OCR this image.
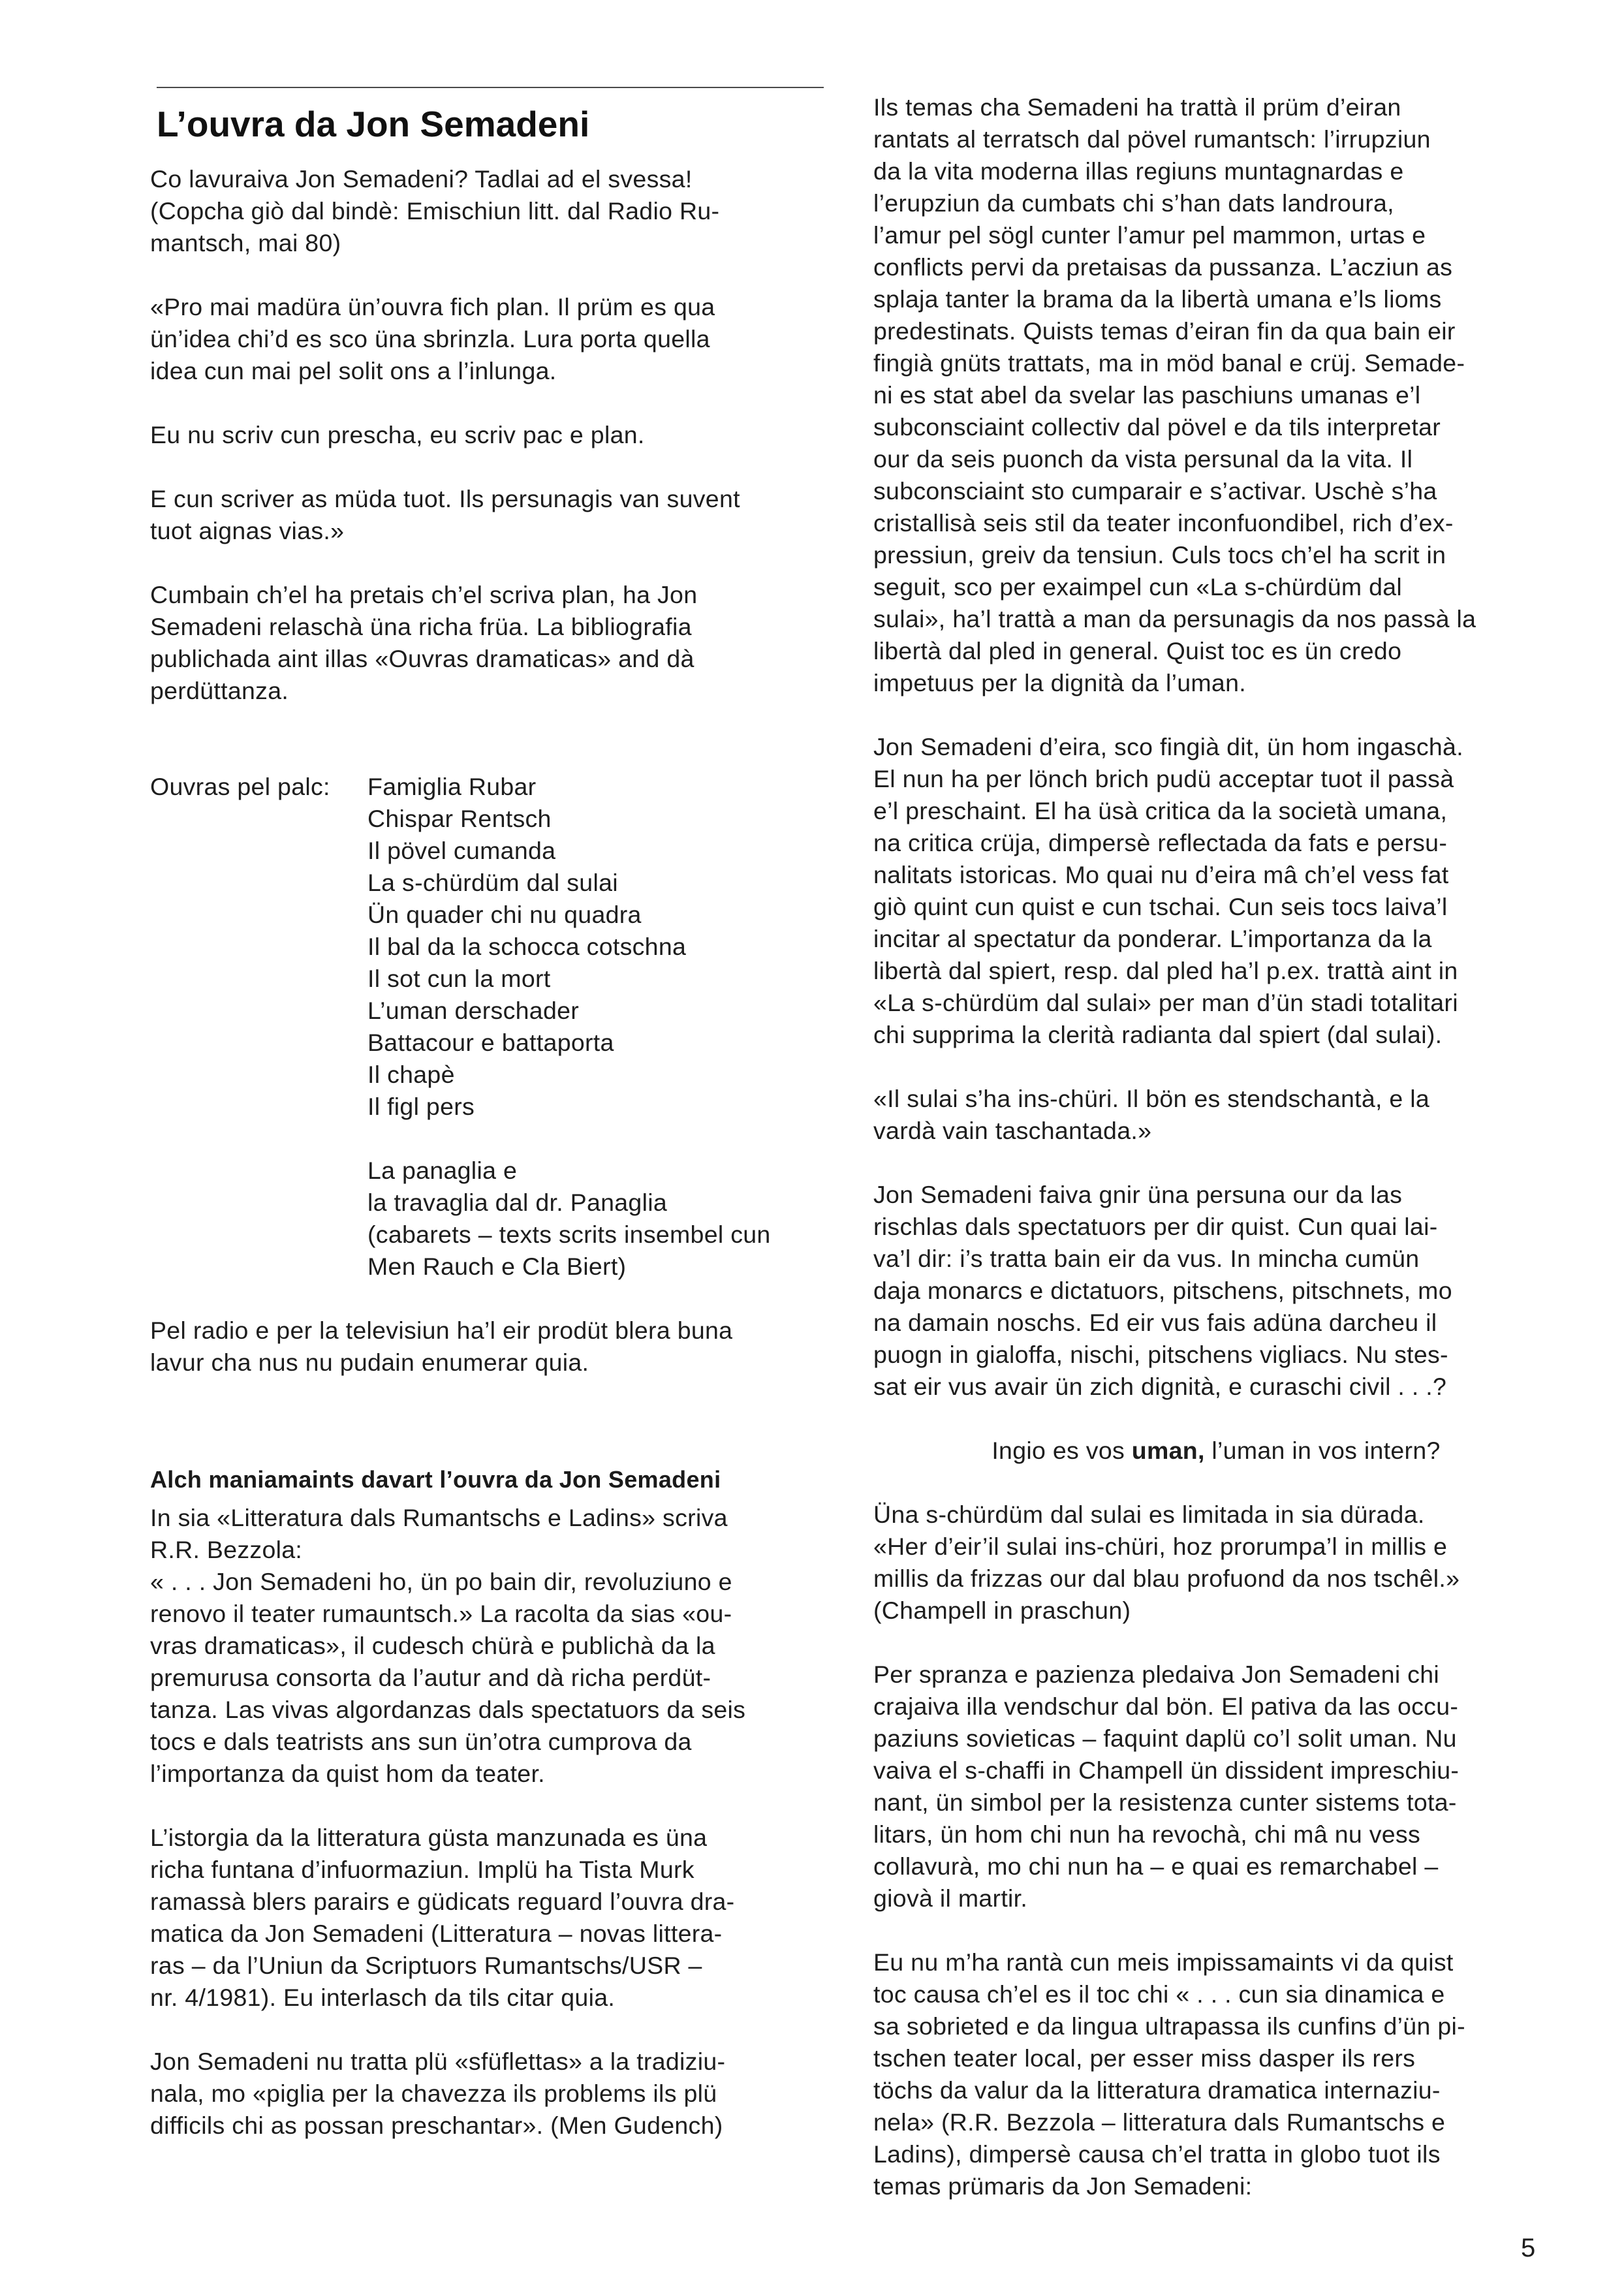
L’ouvra da Jon Semadeni

Co lavuraiva Jon Semadeni? Tadlai ad el svessa!
(Copcha giò dal bindè: Emischiun litt. dal Radio Ru-
mantsch, mai 80)

«Pro mai madüra ün’ouvra fich plan. Il prüm es qua
ün’idea chi’d es sco üna sbrinzla. Lura porta quella
idea cun mai pel solit ons a l’inlunga.

Eu nu scriv cun prescha, eu scriv pac e plan.

E cun scriver as müda tuot. Ils persunagis van suvent
tuot aignas vias.»

Cumbain ch’el ha pretais ch’el scriva plan, ha Jon
Semadeni relaschà üna richa früa. La bibliografia
publichada aint illas «Ouvras dramaticas» and dà
perdüttanza.

Ouvras pel palc: Famiglia Rubar
Chispar Rentsch
Il pövel cumanda
La s-chürdüm dal sulai
Ün quader chi nu quadra
Il bal da la schocca cotschna
Il sot cun la mort
L’uman derschader
Battacour e battaporta
Il chapè
Il figl pers
La panaglia e
la travaglia dal dr. Panaglia
(cabarets – texts scrits insembel cun
Men Rauch e Cla Biert)

Pel radio e per la televisiun ha’l eir prodüt blera buna
lavur cha nus nu pudain enumerar quia.

Alch maniamaints davart l’ouvra da Jon Semadeni

In sia «Litteratura dals Rumantschs e Ladins» scriva
R.R. Bezzola:
« . . . Jon Semadeni ho, ün po bain dir, revoluziuno e
renovo il teater rumauntsch.» La racolta da sias «ou-
vras dramaticas», il cudesch chürà e publichà da la
premurusa consorta da l’autur and dà richa perdüt-
tanza. Las vivas algordanzas dals spectatuors da seis
tocs e dals teatrists ans sun ün’otra cumprova da
l’importanza da quist hom da teater.

L’istorgia da la litteratura güsta manzunada es üna
richa funtana d’infuormaziun. Implü ha Tista Murk
ramassà blers parairs e güdicats reguard l’ouvra dra-
matica da Jon Semadeni (Litteratura – novas littera-
ras – da l’Uniun da Scriptuors Rumantschs/USR –
nr. 4/1981). Eu interlasch da tils citar quia.

Jon Semadeni nu tratta plü «sfüflettas» a la tradiziu-
nala, mo «piglia per la chavezza ils problems ils plü
difficils chi as possan preschantar». (Men Gudench)

Ils temas cha Semadeni ha trattà il prüm d’eiran
rantats al terratsch dal pövel rumantsch: l’irrupziun
da la vita moderna illas regiuns muntagnardas e
l’erupziun da cumbats chi s’han dats landroura,
l’amur pel sögl cunter l’amur pel mammon, urtas e
conflicts pervi da pretaisas da pussanza. L’acziun as
splaja tanter la brama da la libertà umana e’ls lioms
predestinats. Quists temas d’eiran fin da qua bain eir
fingià gnüts trattats, ma in möd banal e crüj. Semade-
ni es stat abel da svelar las paschiuns umanas e’l
subconsciaint collectiv dal pövel e da tils interpretar
our da seis puonch da vista persunal da la vita. Il
subconsciaint sto cumparair e s’activar. Uschè s’ha
cristallisà seis stil da teater inconfuondibel, rich d’ex-
pressiun, greiv da tensiun. Culs tocs ch’el ha scrit in
seguit, sco per exaimpel cun «La s-chürdüm dal
sulai», ha’l trattà a man da persunagis da nos passà la
libertà dal pled in general. Quist toc es ün credo
impetuus per la dignità da l’uman.

Jon Semadeni d’eira, sco fingià dit, ün hom ingaschà.
El nun ha per lönch brich pudü acceptar tuot il passà
e’l preschaint. El ha üsà critica da la società umana,
na critica crüja, dimpersè reflectada da fats e persu-
nalitats istoricas. Mo quai nu d’eira mâ ch’el vess fat
giò quint cun quist e cun tschai. Cun seis tocs laiva’l
incitar al spectatur da ponderar. L’importanza da la
libertà dal spiert, resp. dal pled ha’l p.ex. trattà aint in
«La s-chürdüm dal sulai» per man d’ün stadi totalitari
chi supprima la clerità radianta dal spiert (dal sulai).

«Il sulai s’ha ins-chüri. Il bön es stendschantà, e la
vardà vain taschantada.»

Jon Semadeni faiva gnir üna persuna our da las
rischlas dals spectatuors per dir quist. Cun quai lai-
va’l dir: i’s tratta bain eir da vus. In mincha cumün
daja monarcs e dictatuors, pitschens, pitschnets, mo
na damain noschs. Ed eir vus fais adüna darcheu il
puogn in gialoffa, nischi, pitschens vigliacs. Nu stes-
sat eir vus avair ün zich dignità, e curaschi civil . . .?

Ingio es vos uman, l’uman in vos intern?

Üna s-chürdüm dal sulai es limitada in sia dürada.
«Her d’eir’il sulai ins-chüri, hoz prorumpa’l in millis e
millis da frizzas our dal blau profuond da nos tschêl.»
(Champell in praschun)

Per spranza e pazienza pledaiva Jon Semadeni chi
crajaiva illa vendschur dal bön. El pativa da las occu-
paziuns sovieticas – faquint daplü co’l solit uman. Nu
vaiva el s-chaffi in Champell ün dissident impreschiu-
nant, ün simbol per la resistenza cunter sistems tota-
litars, ün hom chi nun ha revochà, chi mâ nu vess
collavurà, mo chi nun ha – e quai es remarchabel –
giovà il martir.

Eu nu m’ha rantà cun meis impissamaints vi da quist
toc causa ch’el es il toc chi « . . . cun sia dinamica e
sa sobrieted e da lingua ultrapassa ils cunfins d’ün pi-
tschen teater local, per esser miss dasper ils rers
töchs da valur da la litteratura dramatica internaziu-
nela» (R.R. Bezzola – litteratura dals Rumantschs e
Ladins), dimpersè causa ch’el tratta in globo tuot ils
temas prümaris da Jon Semadeni:

5
